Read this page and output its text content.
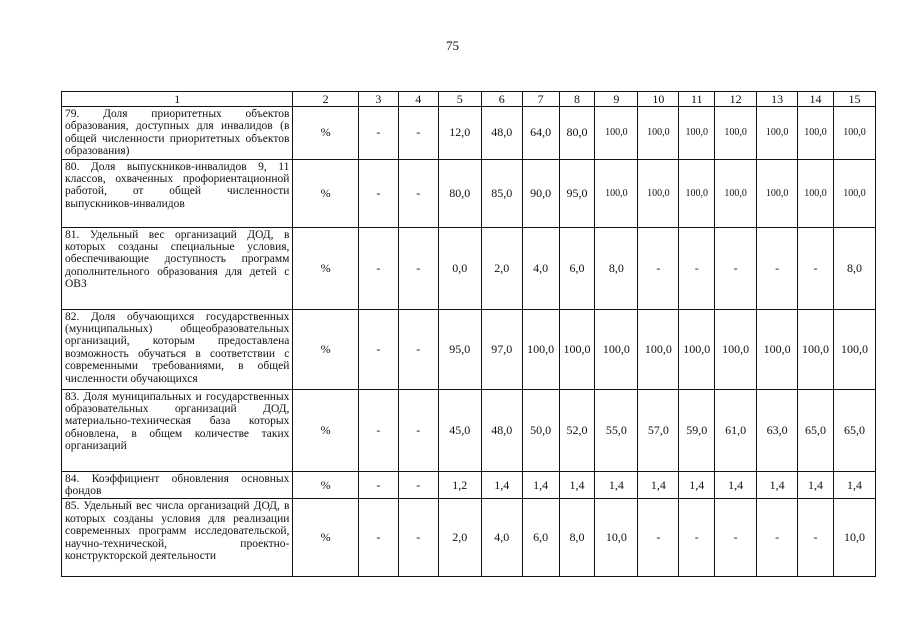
75
1	2	3	4	5	6	7	8	9	10	11	12	13	14	15
79. Доля приоритетных объектов образования, доступных для инвалидов (в общей численности приоритетных объектов образования)	%	-	-	12,0	48,0	64,0	80,0	100,0	100,0	100,0	100,0	100,0	100,0	100,0
80. Доля выпускников-инвалидов 9, 11 классов, охваченных профориентационной работой, от общей численности выпускников-инвалидов	%	-	-	80,0	85,0	90,0	95,0	100,0	100,0	100,0	100,0	100,0	100,0	100,0
81. Удельный вес организаций ДОД, в которых созданы специальные условия, обеспечивающие доступность программ дополнительного образования для детей с ОВЗ	%	-	-	0,0	2,0	4,0	6,0	8,0	-	-	-	-	-	8,0
82. Доля обучающихся государственных (муниципальных) общеобразовательных организаций, которым предоставлена возможность обучаться в соответствии с современными требованиями, в общей численности обучающихся	%	-	-	95,0	97,0	100,0	100,0	100,0	100,0	100,0	100,0	100,0	100,0	100,0
83. Доля муниципальных и государственных образовательных организаций ДОД, материально-техническая база которых обновлена, в общем количестве таких организаций	%	-	-	45,0	48,0	50,0	52,0	55,0	57,0	59,0	61,0	63,0	65,0	65,0
84. Коэффициент обновления основных фондов	%	-	-	1,2	1,4	1,4	1,4	1,4	1,4	1,4	1,4	1,4	1,4	1,4
85. Удельный вес числа организаций ДОД, в которых созданы условия для реализации современных программ исследовательской, научно-технической, проектно-конструкторской деятельности	%	-	-	2,0	4,0	6,0	8,0	10,0	-	-	-	-	-	10,0
